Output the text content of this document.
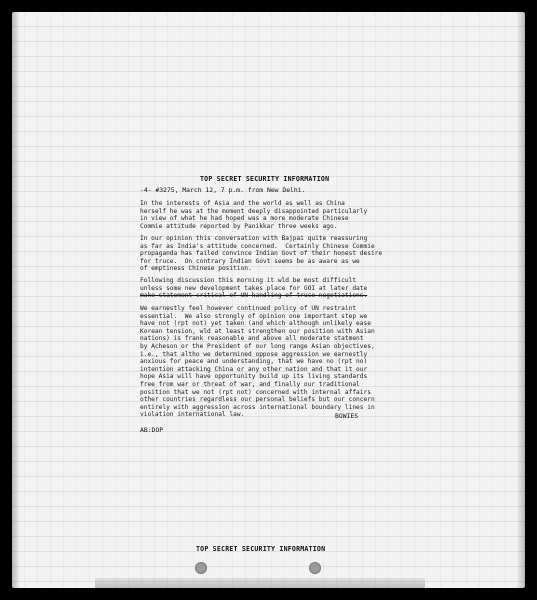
TOP SECRET SECURITY INFORMATION
-4- #3275, March 12, 7 p.m. from New Delhi.
In the interests of Asia and the world as well as China
herself he was at the moment deeply disappointed particularly
in view of what he had hoped was a more moderate Chinese
Commie attitude reported by Panikkar three weeks ago.
In our opinion this conversation with Bajpai quite reassuring
as far as India's attitude concerned.  Certainly Chinese Commie
propaganda has failed convince Indian Govt of their honest desire
for truce.  On contrary Indian Govt seems be as aware as we
of emptiness Chinese position.
Following discussion this morning it wld be most difficult
unless some new development takes place for GOI at later date
make statement critical of UN handling of truce negotiations.
We earnestly feel however continued policy of UN restraint
essential.  We also strongly of opinion one important step we
have not (rpt not) yet taken (and which although unlikely ease
Korean tension, wld at least strengthen our position with Asian
nations) is frank reasonable and above all moderate statment
by Acheson or the President of our long range Asian objectives,
i.e., that altho we determined oppose aggression we earnestly
anxious for peace and understanding, that we have no (rpt no)
intention attacking China or any other nation and that it our
hope Asia will have opportunity build up its living standards
free from war or threat of war, and finally our traditional
position that we not (rpt not) concerned with internal affairs
other countries regardless our personal beliefs but our concern
entirely with aggression across international boundary lines in
violation international law.	BOWIES
AB:DOP
TOP SECRET SECURITY INFORMATION
